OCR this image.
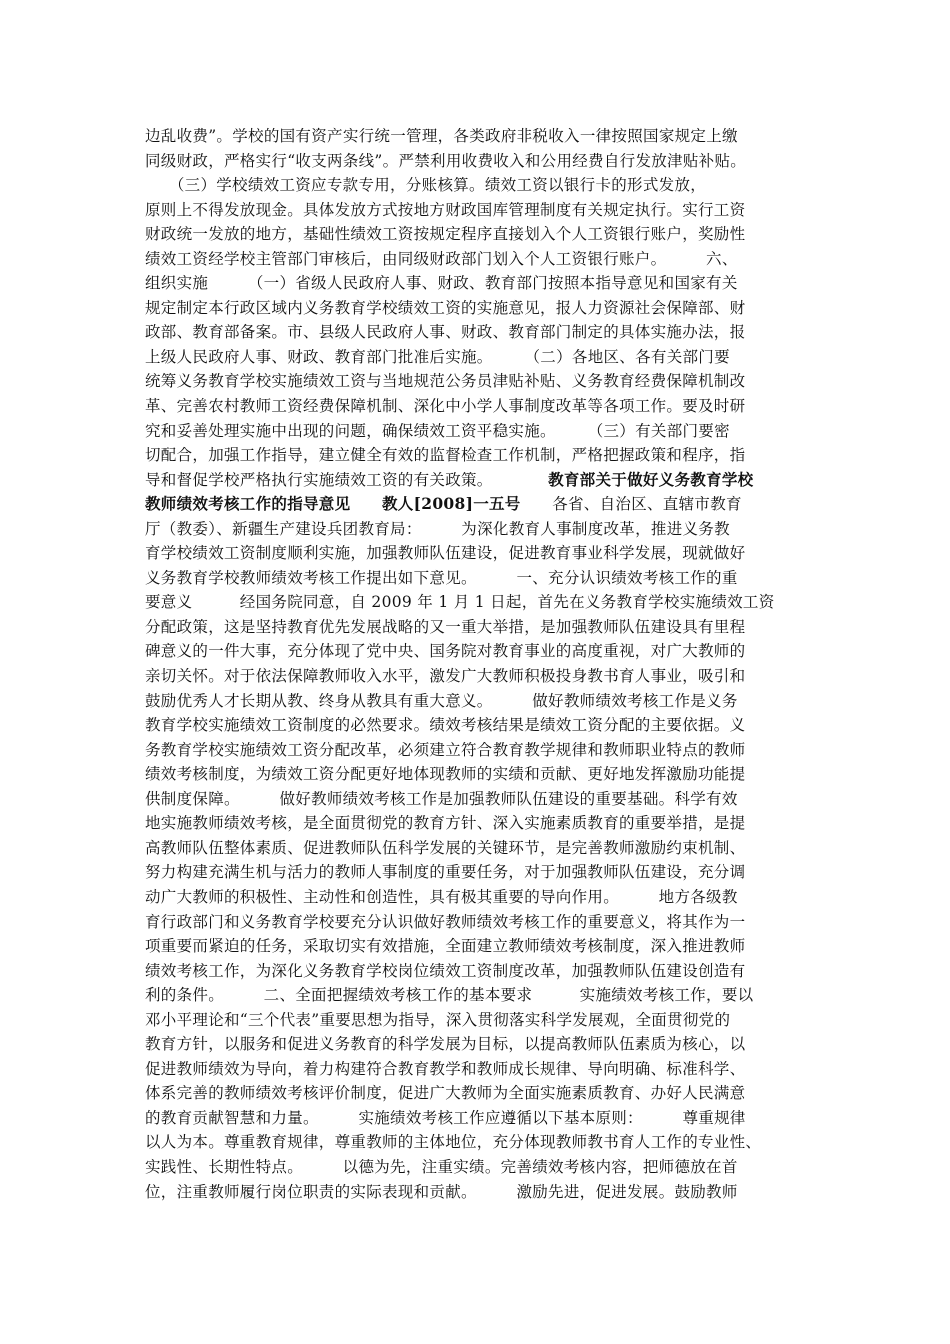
边乱收费”。学校的国有资产实行统一管理，各类政府非税收入一律按照国家规定上缴
同级财政，严格实行“收支两条线”。严禁利用收费收入和公用经费自行发放津贴补贴。
　　（三）学校绩效工资应专款专用，分账核算。绩效工资以银行卡的形式发放，
原则上不得发放现金。具体发放方式按地方财政国库管理制度有关规定执行。实行工资
财政统一发放的地方，基础性绩效工资按规定程序直接划入个人工资银行账户，奖励性
绩效工资经学校主管部门审核后，由同级财政部门划入个人工资银行账户。　　　六、
组织实施　　　（一）省级人民政府人事、财政、教育部门按照本指导意见和国家有关
规定制定本行政区域内义务教育学校绩效工资的实施意见，报人力资源社会保障部、财
政部、教育部备案。市、县级人民政府人事、财政、教育部门制定的具体实施办法，报
上级人民政府人事、财政、教育部门批准后实施。　　　（二）各地区、各有关部门要
统筹义务教育学校实施绩效工资与当地规范公务员津贴补贴、义务教育经费保障机制改
革、完善农村教师工资经费保障机制、深化中小学人事制度改革等各项工作。要及时研
究和妥善处理实施中出现的问题，确保绩效工资平稳实施。　　　（三）有关部门要密
切配合，加强工作指导，建立健全有效的监督检查工作机制，严格把握政策和程序，指
导和督促学校严格执行实施绩效工资的有关政策。　　　　教育部关于做好义务教育学校
教师绩效考核工作的指导意见　　教人[2008]一五号　　各省、自治区、直辖市教育
厅（教委）、新疆生产建设兵团教育局：　　　为深化教育人事制度改革，推进义务教
育学校绩效工资制度顺利实施，加强教师队伍建设，促进教育事业科学发展，现就做好
义务教育学校教师绩效考核工作提出如下意见。　　　一、充分认识绩效考核工作的重
要意义　　　经国务院同意，自 2009 年 1 月 1 日起，首先在义务教育学校实施绩效工资
分配政策，这是坚持教育优先发展战略的又一重大举措，是加强教师队伍建设具有里程
碑意义的一件大事，充分体现了党中央、国务院对教育事业的高度重视，对广大教师的
亲切关怀。对于依法保障教师收入水平，激发广大教师积极投身教书育人事业，吸引和
鼓励优秀人才长期从教、终身从教具有重大意义。　　　做好教师绩效考核工作是义务
教育学校实施绩效工资制度的必然要求。绩效考核结果是绩效工资分配的主要依据。义
务教育学校实施绩效工资分配改革，必须建立符合教育教学规律和教师职业特点的教师
绩效考核制度，为绩效工资分配更好地体现教师的实绩和贡献、更好地发挥激励功能提
供制度保障。　　　做好教师绩效考核工作是加强教师队伍建设的重要基础。科学有效
地实施教师绩效考核，是全面贯彻党的教育方针、深入实施素质教育的重要举措，是提
高教师队伍整体素质、促进教师队伍科学发展的关键环节，是完善教师激励约束机制、
努力构建充满生机与活力的教师人事制度的重要任务，对于加强教师队伍建设，充分调
动广大教师的积极性、主动性和创造性，具有极其重要的导向作用。　　　地方各级教
育行政部门和义务教育学校要充分认识做好教师绩效考核工作的重要意义，将其作为一
项重要而紧迫的任务，采取切实有效措施，全面建立教师绩效考核制度，深入推进教师
绩效考核工作，为深化义务教育学校岗位绩效工资制度改革，加强教师队伍建设创造有
利的条件。　　　二、全面把握绩效考核工作的基本要求　　　实施绩效考核工作，要以
邓小平理论和“三个代表”重要思想为指导，深入贯彻落实科学发展观，全面贯彻党的
教育方针，以服务和促进义务教育的科学发展为目标，以提高教师队伍素质为核心，以
促进教师绩效为导向，着力构建符合教育教学和教师成长规律、导向明确、标准科学、
体系完善的教师绩效考核评价制度，促进广大教师为全面实施素质教育、办好人民满意
的教育贡献智慧和力量。　　　实施绩效考核工作应遵循以下基本原则：　　　尊重规律
以人为本。尊重教育规律，尊重教师的主体地位，充分体现教师教书育人工作的专业性、
实践性、长期性特点。　　　以德为先，注重实绩。完善绩效考核内容，把师德放在首
位，注重教师履行岗位职责的实际表现和贡献。　　　激励先进，促进发展。鼓励教师
